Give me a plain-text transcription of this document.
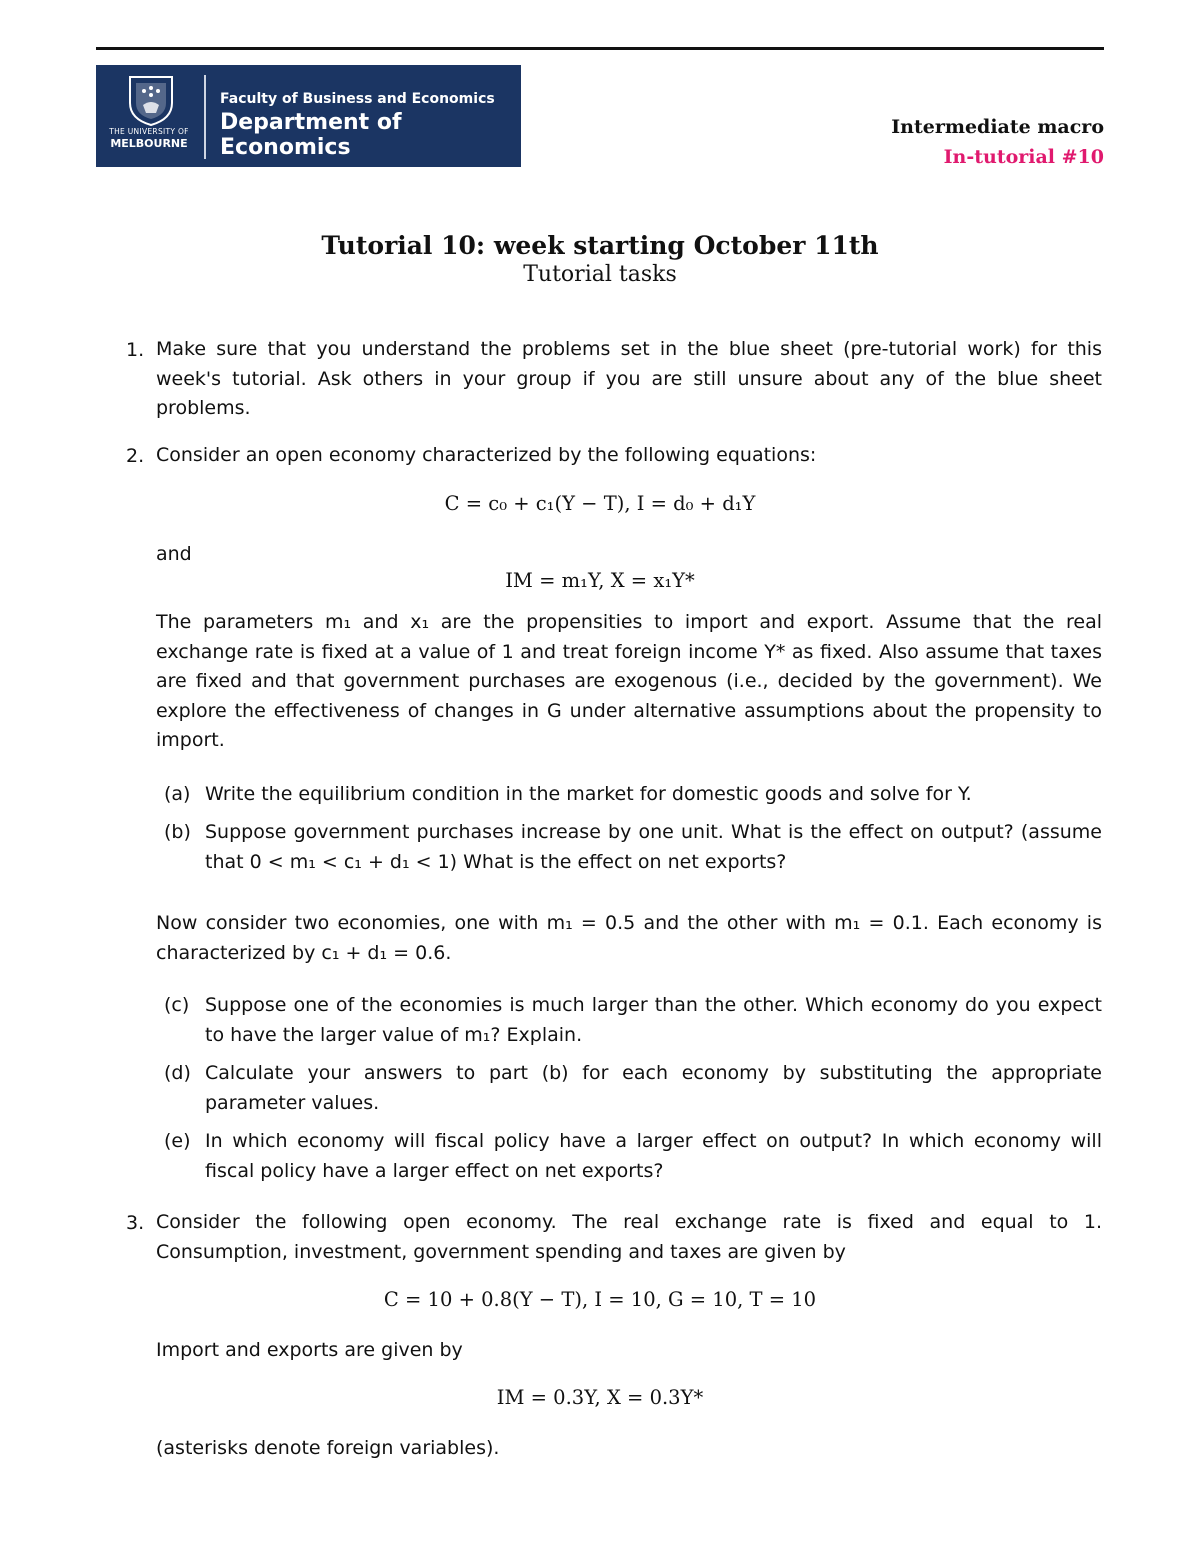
THE UNIVERSITY OF
MELBOURNE
Faculty of Business and Economics
Department of Economics
Intermediate macro
In-tutorial #10
Tutorial 10: week starting October 11th
Tutorial tasks
1. Make sure that you understand the problems set in the blue sheet (pre-tutorial work) for this week's tutorial. Ask others in your group if you are still unsure about any of the blue sheet problems.
2. Consider an open economy characterized by the following equations:
C = c₀ + c₁(Y − T), I = d₀ + d₁Y
and
IM = m₁Y, X = x₁Y*
The parameters m₁ and x₁ are the propensities to import and export. Assume that the real exchange rate is fixed at a value of 1 and treat foreign income Y* as fixed. Also assume that taxes are fixed and that government purchases are exogenous (i.e., decided by the government). We explore the effectiveness of changes in G under alternative assumptions about the propensity to import.
(a) Write the equilibrium condition in the market for domestic goods and solve for Y.
(b) Suppose government purchases increase by one unit. What is the effect on output? (assume that 0 < m₁ < c₁ + d₁ < 1) What is the effect on net exports?
Now consider two economies, one with m₁ = 0.5 and the other with m₁ = 0.1. Each economy is characterized by c₁ + d₁ = 0.6.
(c) Suppose one of the economies is much larger than the other. Which economy do you expect to have the larger value of m₁? Explain.
(d) Calculate your answers to part (b) for each economy by substituting the appropriate parameter values.
(e) In which economy will fiscal policy have a larger effect on output? In which economy will fiscal policy have a larger effect on net exports?
3. Consider the following open economy. The real exchange rate is fixed and equal to 1. Consumption, investment, government spending and taxes are given by
C = 10 + 0.8(Y − T), I = 10, G = 10, T = 10
Import and exports are given by
IM = 0.3Y, X = 0.3Y*
(asterisks denote foreign variables).
